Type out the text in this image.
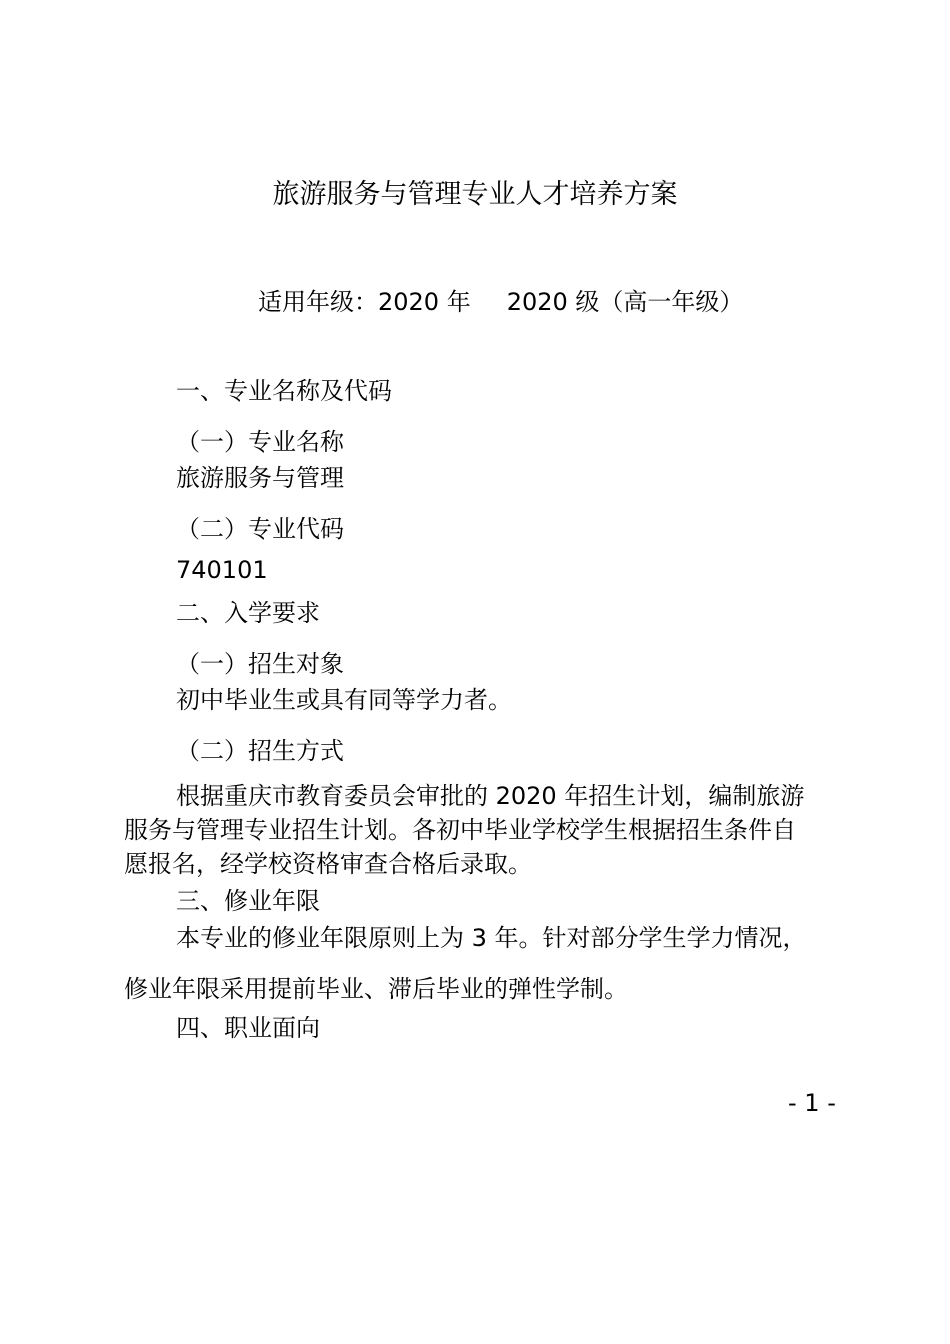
旅游服务与管理专业人才培养方案
适用年级：2020 年 2020 级（高一年级）
一、专业名称及代码
（一）专业名称
旅游服务与管理
（二）专业代码
740101
二、入学要求
（一）招生对象
初中毕业生或具有同等学力者。
（二）招生方式
根据重庆市教育委员会审批的 2020 年招生计划，编制旅游
服务与管理专业招生计划。各初中毕业学校学生根据招生条件自
愿报名，经学校资格审查合格后录取。
三、修业年限
本专业的修业年限原则上为 3 年。针对部分学生学力情况，
修业年限采用提前毕业、滞后毕业的弹性学制。
四、职业面向
- 1 -
